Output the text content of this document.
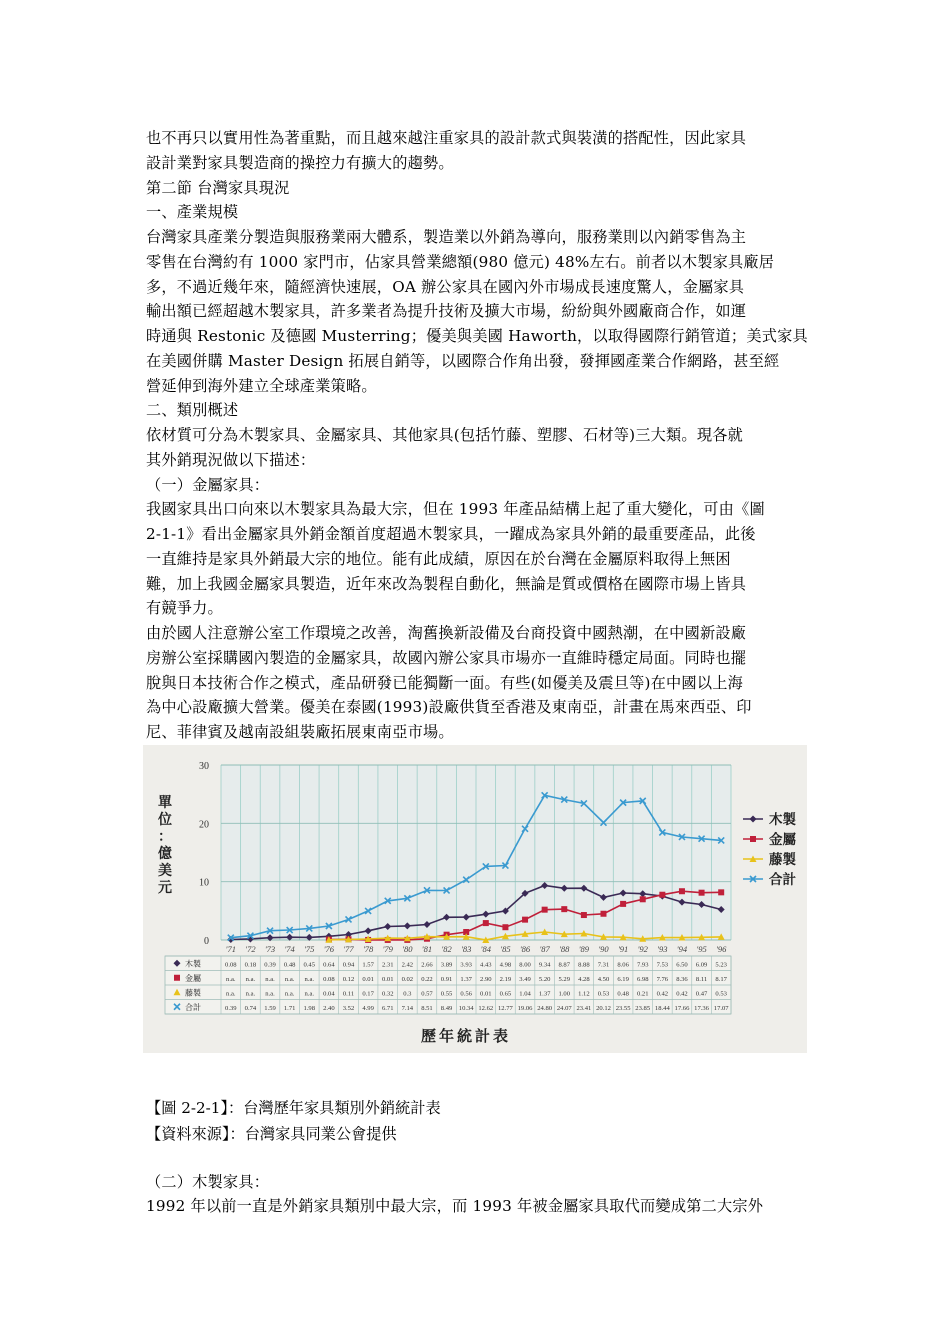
也不再只以實用性為著重點，而且越來越注重家具的設計款式與裝潢的搭配性，因此家具
設計業對家具製造商的操控力有擴大的趨勢。
第二節 台灣家具現況
一、產業規模
台灣家具產業分製造與服務業兩大體系，製造業以外銷為導向，服務業則以內銷零售為主
零售在台灣約有 1000 家門市，佔家具營業總額(980 億元) 48%左右。前者以木製家具廠居
多，不過近幾年來，隨經濟快速展，OA 辦公家具在國內外市場成長速度驚人，金屬家具
輸出額已經超越木製家具，許多業者為提升技術及擴大市場，紛紛與外國廠商合作，如運
時通與 Restonic 及德國 Musterring；優美與美國 Haworth，以取得國際行銷管道；美式家具
在美國併購 Master Design 拓展自銷等，以國際合作角出發，發揮國產業合作網路，甚至經
營延伸到海外建立全球產業策略。
二、類別概述
依材質可分為木製家具、金屬家具、其他家具(包括竹藤、塑膠、石材等)三大類。現各就
其外銷現況做以下描述：
（一）金屬家具：
我國家具出口向來以木製家具為最大宗，但在 1993 年產品結構上起了重大變化，可由《圖
2-1-1》看出金屬家具外銷金額首度超過木製家具，一躍成為家具外銷的最重要產品，此後
一直維持是家具外銷最大宗的地位。能有此成績，原因在於台灣在金屬原料取得上無困
難，加上我國金屬家具製造，近年來改為製程自動化，無論是質或價格在國際市場上皆具
有競爭力。
由於國人注意辦公室工作環境之改善，淘舊換新設備及台商投資中國熱潮，在中國新設廠
房辦公室採購國內製造的金屬家具，故國內辦公家具市場亦一直維時穩定局面。同時也擺
脫與日本技術合作之模式，產品研發已能獨斷一面。有些(如優美及震旦等)在中國以上海
為中心設廠擴大營業。優美在泰國(1993)設廠供貨至香港及東南亞，計畫在馬來西亞、印
尼、菲律賓及越南設組裝廠拓展東南亞市場。
0
10
20
30
單
位
：
億
美
元
'71 '72 '73 '74 '75 '76 '77 '78 '79 '80 '81 '82 '83 '84 '85 '86 '87 '88 '89 '90 '91 '92 '93 '94 '95 '96
木製	0.08 0.18 0.39 0.48 0.45 0.64 0.94 1.57 2.31 2.42 2.66 3.89 3.93 4.43 4.98 8.00 9.34 8.87 8.88 7.31 8.06 7.93 7.53 6.50 6.09 5.23
金屬	n.a. n.a. n.a. n.a. n.a. 0.08 0.12 0.01 0.01 0.02 0.22 0.91 1.37 2.90 2.19 3.49 5.20 5.29 4.28 4.50 6.19 6.98 7.76 8.36 8.11 8.17
藤製	n.a. n.a. n.a. n.a. n.a. 0.04 0.11 0.17 0.32 0.3 0.57 0.55 0.56 0.01 0.65 1.04 1.37 1.00 1.12 0.53 0.48 0.21 0.42 0.42 0.47 0.53
合計	0.39 0.74 1.59 1.71 1.98 2.40 3.52 4.99 6.71 7.14 8.51 8.49 10.34 12.62 12.77 19.06 24.80 24.07 23.41 20.12 23.55 23.85 18.44 17.66 17.36 17.07
木製
金屬
藤製
合計
歷年統計表
【圖 2-2-1】：台灣歷年家具類別外銷統計表
【資料來源】：台灣家具同業公會提供
（二）木製家具：
1992 年以前一直是外銷家具類別中最大宗，而 1993 年被金屬家具取代而變成第二大宗外
